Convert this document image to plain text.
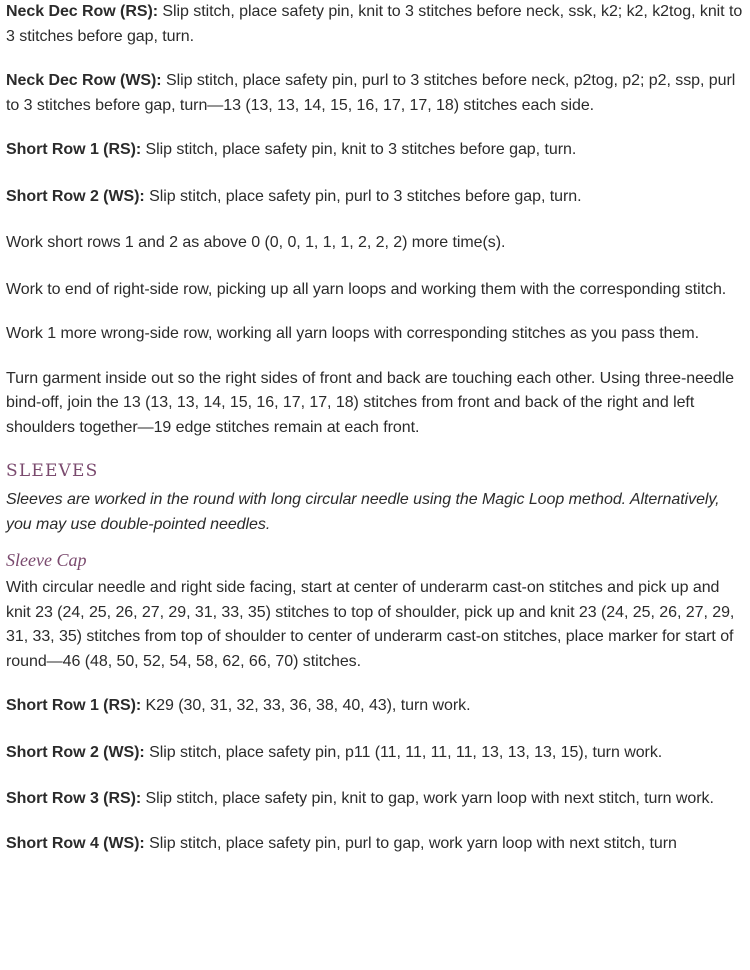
Neck Dec Row (RS): Slip stitch, place safety pin, knit to 3 stitches before neck, ssk, k2; k2, k2tog, knit to 3 stitches before gap, turn.

Neck Dec Row (WS): Slip stitch, place safety pin, purl to 3 stitches before neck, p2tog, p2; p2, ssp, purl to 3 stitches before gap, turn—13 (13, 13, 14, 15, 16, 17, 17, 18) stitches each side.

Short Row 1 (RS): Slip stitch, place safety pin, knit to 3 stitches before gap, turn.

Short Row 2 (WS): Slip stitch, place safety pin, purl to 3 stitches before gap, turn.

Work short rows 1 and 2 as above 0 (0, 0, 1, 1, 1, 2, 2, 2) more time(s).

Work to end of right-side row, picking up all yarn loops and working them with the corresponding stitch.

Work 1 more wrong-side row, working all yarn loops with corresponding stitches as you pass them.

Turn garment inside out so the right sides of front and back are touching each other. Using three-needle bind-off, join the 13 (13, 13, 14, 15, 16, 17, 17, 18) stitches from front and back of the right and left shoulders together—19 edge stitches remain at each front.

SLEEVES

Sleeves are worked in the round with long circular needle using the Magic Loop method. Alternatively, you may use double-pointed needles.

Sleeve Cap

With circular needle and right side facing, start at center of underarm cast-on stitches and pick up and knit 23 (24, 25, 26, 27, 29, 31, 33, 35) stitches to top of shoulder, pick up and knit 23 (24, 25, 26, 27, 29, 31, 33, 35) stitches from top of shoulder to center of underarm cast-on stitches, place marker for start of round—46 (48, 50, 52, 54, 58, 62, 66, 70) stitches.

Short Row 1 (RS): K29 (30, 31, 32, 33, 36, 38, 40, 43), turn work.

Short Row 2 (WS): Slip stitch, place safety pin, p11 (11, 11, 11, 11, 13, 13, 13, 15), turn work.

Short Row 3 (RS): Slip stitch, place safety pin, knit to gap, work yarn loop with next stitch, turn work.

Short Row 4 (WS): Slip stitch, place safety pin, purl to gap, work yarn loop with next stitch, turn
